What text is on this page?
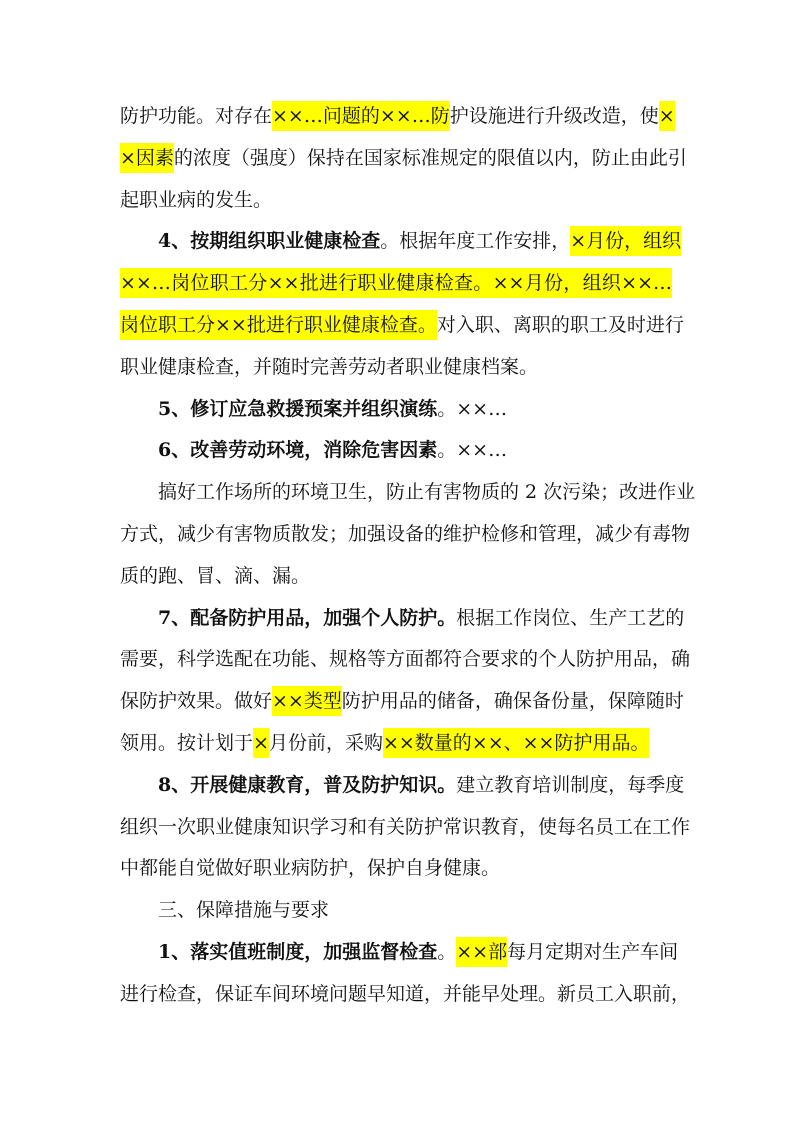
防护功能。对存在××…问题的××…防护设施进行升级改造，使×
×因素的浓度（强度）保持在国家标准规定的限值以内，防止由此引
起职业病的发生。
4、按期组织职业健康检查。根据年度工作安排，×月份，组织
××…岗位职工分××批进行职业健康检查。××月份，组织××…
岗位职工分××批进行职业健康检查。对入职、离职的职工及时进行
职业健康检查，并随时完善劳动者职业健康档案。
5、修订应急救援预案并组织演练。××…
6、改善劳动环境，消除危害因素。××…
搞好工作场所的环境卫生，防止有害物质的 2 次污染；改进作业
方式，减少有害物质散发；加强设备的维护检修和管理，减少有毒物
质的跑、冒、滴、漏。
7、配备防护用品，加强个人防护。根据工作岗位、生产工艺的
需要，科学选配在功能、规格等方面都符合要求的个人防护用品，确
保防护效果。做好××类型防护用品的储备，确保备份量，保障随时
领用。按计划于×月份前，采购××数量的××、××防护用品。
8、开展健康教育，普及防护知识。建立教育培训制度，每季度
组织一次职业健康知识学习和有关防护常识教育，使每名员工在工作
中都能自觉做好职业病防护，保护自身健康。
三、保障措施与要求
1、落实值班制度，加强监督检查。××部每月定期对生产车间
进行检查，保证车间环境问题早知道，并能早处理。新员工入职前，
